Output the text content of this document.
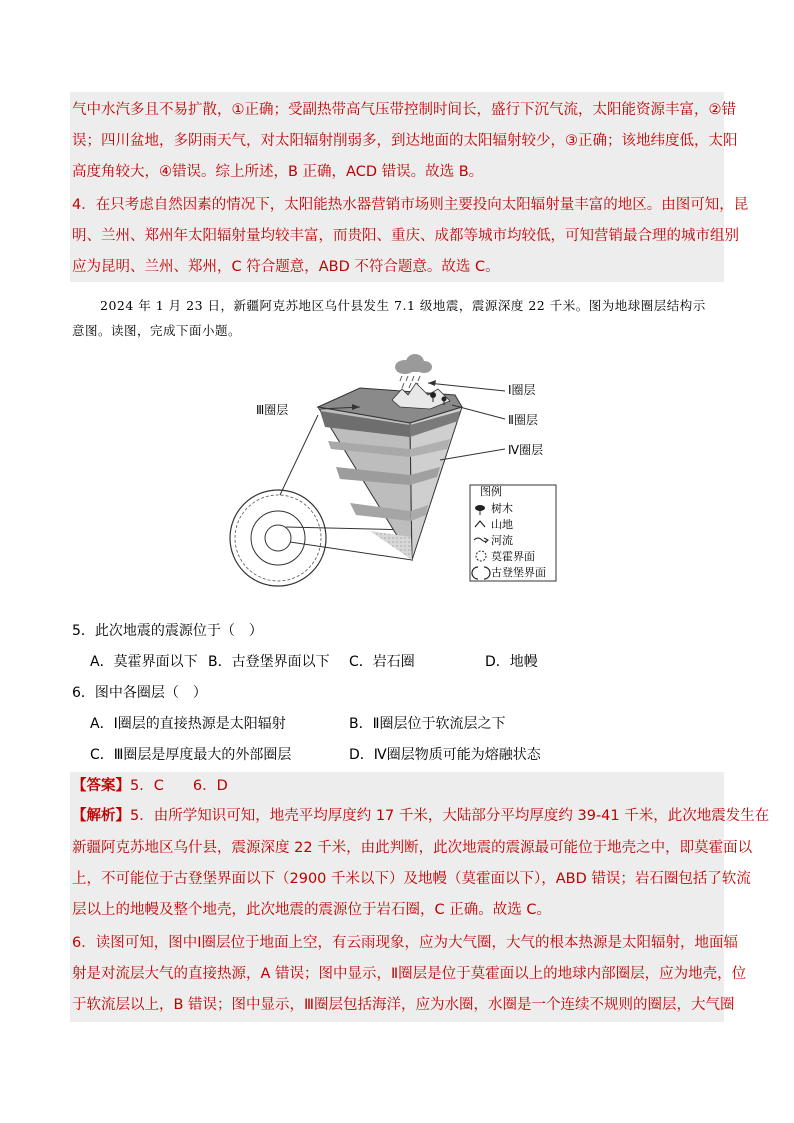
气中水汽多且不易扩散，①正确；受副热带高气压带控制时间长，盛行下沉气流，太阳能资源丰富，②错
误；四川盆地，多阴雨天气，对太阳辐射削弱多，到达地面的太阳辐射较少，③正确；该地纬度低，太阳
高度角较大，④错误。综上所述，B 正确，ACD 错误。故选 B。
4．在只考虑自然因素的情况下，太阳能热水器营销市场则主要投向太阳辐射量丰富的地区。由图可知，昆
明、兰州、郑州年太阳辐射量均较丰富，而贵阳、重庆、成都等城市均较低，可知营销最合理的城市组别
应为昆明、兰州、郑州，C 符合题意，ABD 不符合题意。故选 C。
2024 年 1 月 23 日，新疆阿克苏地区乌什县发生 7.1 级地震，震源深度 22 千米。图为地球圈层结构示
意图。读图，完成下面小题。
Ⅰ圈层
Ⅱ圈层
Ⅲ圈层
Ⅳ圈层
图例
树木
山地
河流
莫霍界面
古登堡界面
5．此次地震的震源位于（　）
A．莫霍界面以下 B．古登堡界面以下 C．岩石圈	D．地幔
6．图中各圈层（　）
A．Ⅰ圈层的直接热源是太阳辐射	B．Ⅱ圈层位于软流层之下
C．Ⅲ圈层是厚度最大的外部圈层	D．Ⅳ圈层物质可能为熔融状态
【答案】5．C　　6．D
【解析】5．由所学知识可知，地壳平均厚度约 17 千米，大陆部分平均厚度约 39-41 千米，此次地震发生在
新疆阿克苏地区乌什县，震源深度 22 千米，由此判断，此次地震的震源最可能位于地壳之中，即莫霍面以
上，不可能位于古登堡界面以下（2900 千米以下）及地幔（莫霍面以下），ABD 错误；岩石圈包括了软流
层以上的地幔及整个地壳，此次地震的震源位于岩石圈，C 正确。故选 C。
6．读图可知，图中Ⅰ圈层位于地面上空，有云雨现象，应为大气圈，大气的根本热源是太阳辐射，地面辐
射是对流层大气的直接热源，A 错误；图中显示，Ⅱ圈层是位于莫霍面以上的地球内部圈层，应为地壳，位
于软流层以上，B 错误；图中显示，Ⅲ圈层包括海洋，应为水圈，水圈是一个连续不规则的圈层，大气圈
